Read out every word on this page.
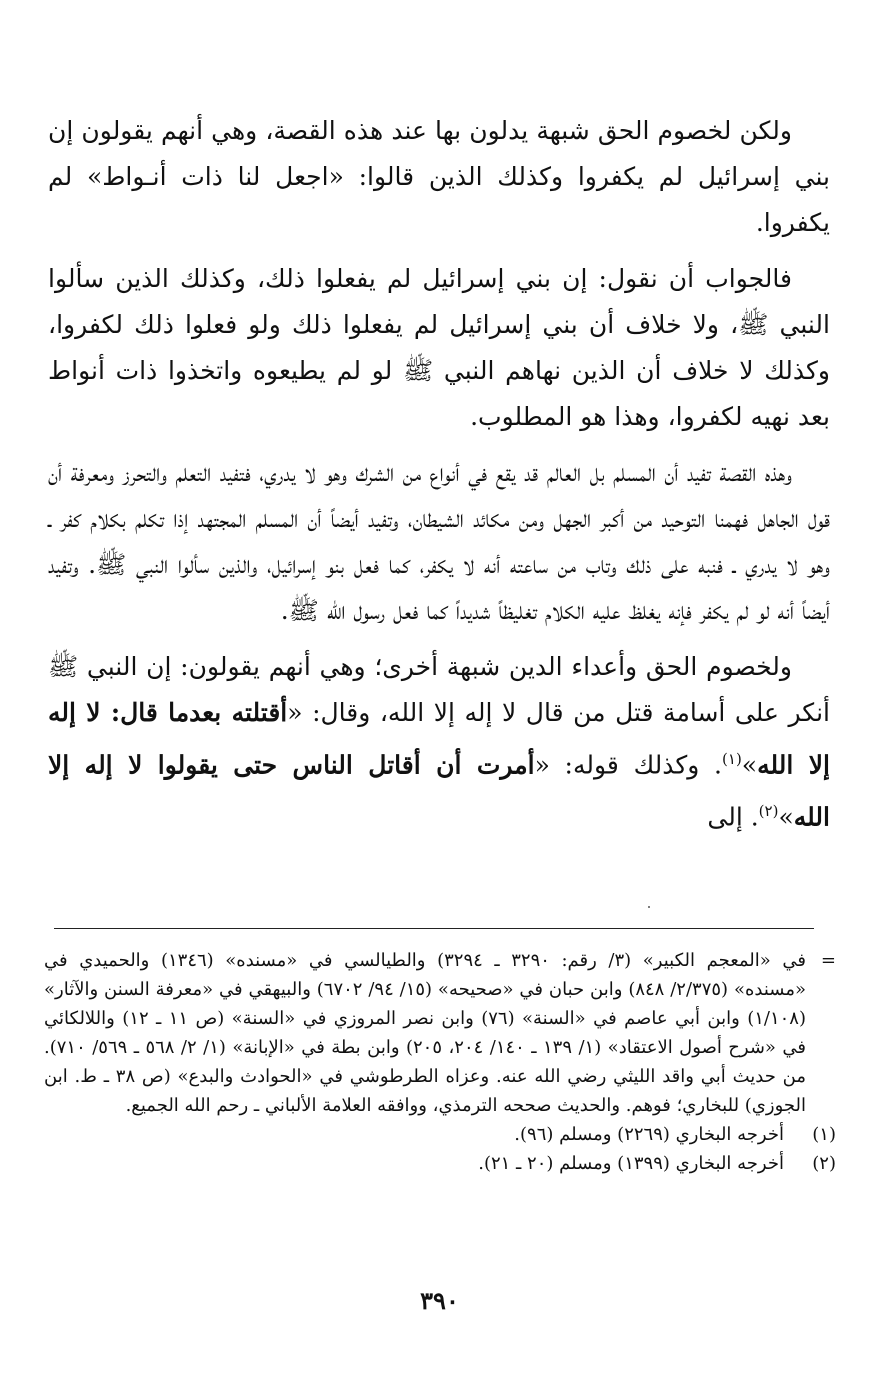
ولكن لخصوم الحق شبهة يدلون بها عند هذه القصة، وهي أنهم يقولون إن بني إسرائيل لم يكفروا وكذلك الذين قالوا: «اجعل لنا ذات أنـواط» لم يكفروا.

فالجواب أن نقول: إن بني إسرائيل لم يفعلوا ذلك، وكذلك الذين سألوا النبي ﷺ، ولا خلاف أن بني إسرائيل لم يفعلوا ذلك ولو فعلوا ذلك لكفروا، وكذلك لا خلاف أن الذين نهاهم النبي ﷺ لو لم يطيعوه واتخذوا ذات أنواط بعد نهيه لكفروا، وهذا هو المطلوب.

وهذه القصة تفيد أن المسلم بل العالم قد يقع في أنواع من الشرك وهو لا يدري، فتفيد التعلم والتحرز ومعرفة أن قول الجاهل فهمنا التوحيد من أكبر الجهل ومن مكائد الشيطان، وتفيد أيضاً أن المسلم المجتهد إذا تكلم بكلام كفر ـ وهو لا يدري ـ فنبه على ذلك وتاب من ساعته أنه لا يكفر، كما فعل بنو إسرائيل، والذين سألوا النبي ﷺ. وتفيد أيضاً أنه لو لم يكفر فإنه يغلظ عليه الكلام تغليظاً شديداً كما فعل رسول الله ﷺ.

ولخصوم الحق وأعداء الدين شبهة أخرى؛ وهي أنهم يقولون: إن النبي ﷺ أنكر على أسامة قتل من قال لا إله إلا الله، وقال: «أقتلته بعدما قال: لا إله إلا الله»$^{(١)}$. وكذلك قوله: «أمرت أن أقاتل الناس حتى يقولوا لا إله إلا الله»$^{(٢)}$. إلى

=
في «المعجم الكبير» (٣/ رقم: ٣٢٩٠ ـ ٣٢٩٤) والطيالسي في «مسنده» (١٣٤٦) والحميدي في «مسنده» (٢/٣٧٥/ ٨٤٨) وابن حبان في «صحيحه» (١٥/ ٩٤/ ٦٧٠٢) والبيهقي في «معرفة السنن والآثار» (١/١٠٨) وابن أبي عاصم في «السنة» (٧٦) وابن نصر المروزي في «السنة» (ص ١١ ـ ١٢) واللالكائي في «شرح أصول الاعتقاد» (١/ ١٣٩ ـ ١٤٠/ ٢٠٤، ٢٠٥) وابن بطة في «الإبانة» (١/ ٢/ ٥٦٨ ـ ٥٦٩/ ٧١٠). من حديث أبي واقد الليثي رضي الله عنه. وعزاه الطرطوشي في «الحوادث والبدع» (ص ٣٨ ـ ط. ابن الجوزي) للبخاري؛ فوهم. والحديث صححه الترمذي، ووافقه العلامة الألباني ـ رحم الله الجميع.
(١)
أخرجه البخاري (٢٢٦٩) ومسلم (٩٦).
(٢)
أخرجه البخاري (١٣٩٩) ومسلم (٢٠ ـ ٢١).
٣٩٠
